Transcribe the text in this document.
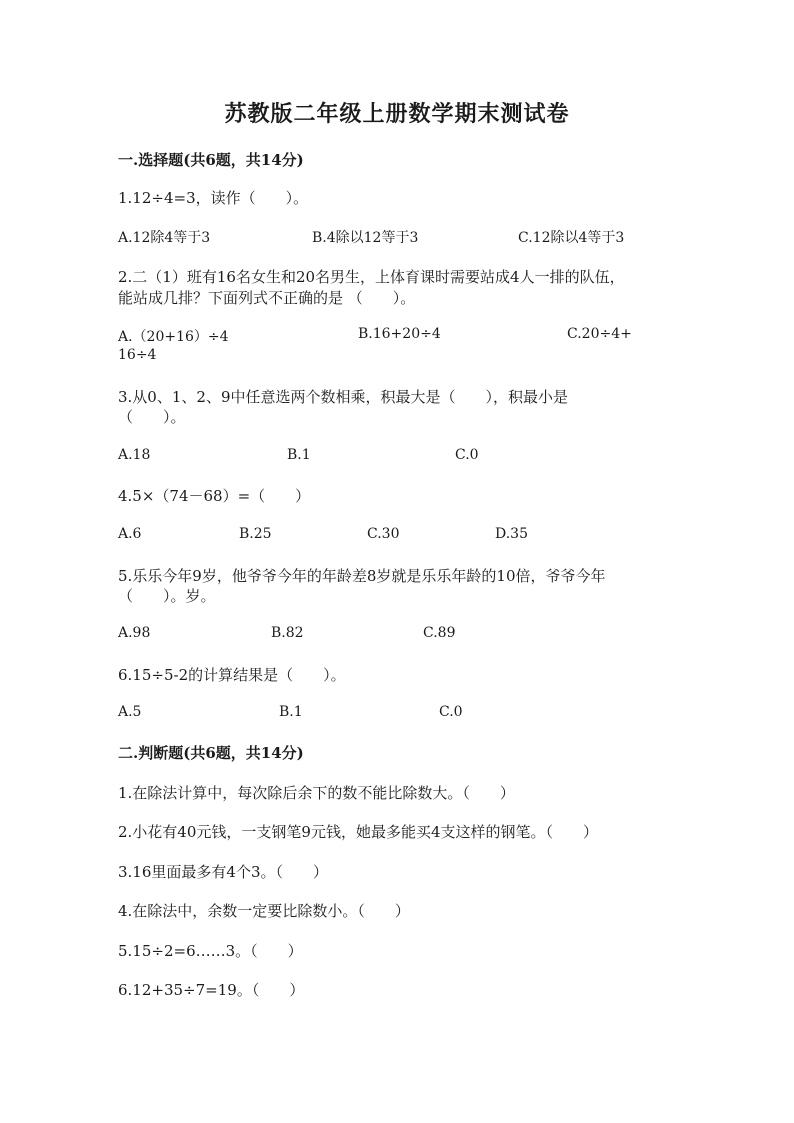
苏教版二年级上册数学期末测试卷
一.选择题(共6题，共14分)
1.12÷4=3，读作（　　）。
A.12除4等于3	B.4除以12等于3	C.12除以4等于3
2.二（1）班有16名女生和20名男生，上体育课时需要站成4人一排的队伍，
能站成几排？下面列式不正确的是 （　　）。
A.（20+16）÷4	B.16+20÷4	C.20÷4+
16÷4
3.从0、1、2、9中任意选两个数相乘，积最大是（　　），积最小是
（　　）。
A.18	B.1	C.0
4.5×（74－68）=（　　）
A.6	B.25	C.30	D.35
5.乐乐今年9岁，他爷爷今年的年龄差8岁就是乐乐年龄的10倍，爷爷今年
（　　）。岁。
A.98	B.82	C.89
6.15÷5-2的计算结果是（　　）。
A.5	B.1	C.0
二.判断题(共6题，共14分)
1.在除法计算中，每次除后余下的数不能比除数大。（　　）
2.小花有40元钱，一支钢笔9元钱，她最多能买4支这样的钢笔。（　　）
3.16里面最多有4个3。（　　）
4.在除法中，余数一定要比除数小。（　　）
5.15÷2=6……3。（　　）
6.12+35÷7=19。（　　）
